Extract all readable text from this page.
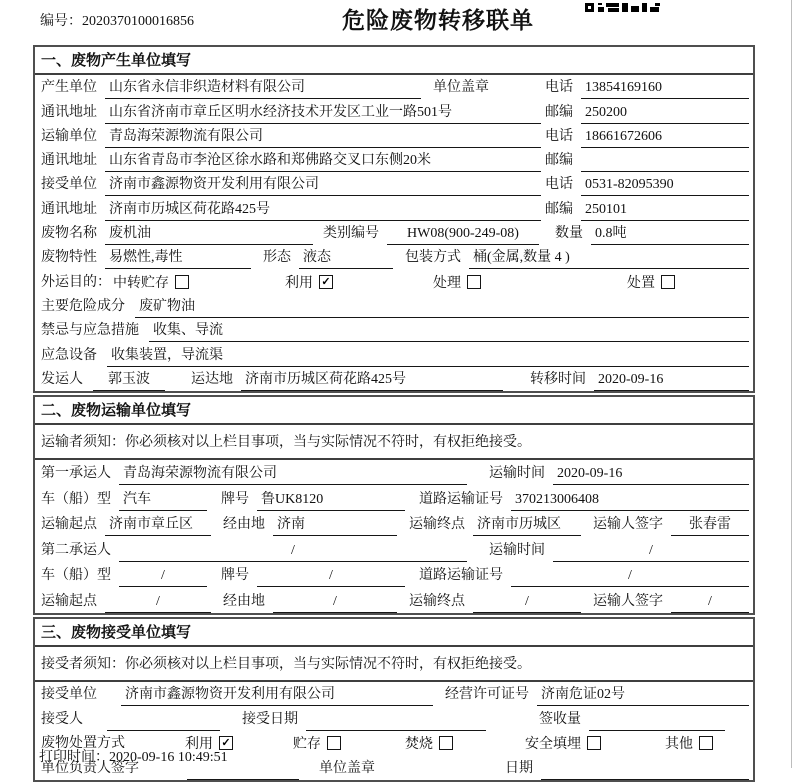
编号：2020370100016856	危险废物转移联单
一、废物产生单位填写
产生单位 山东省永信非织造材料有限公司	单位盖章	电话 13854169160
通讯地址 山东省济南市章丘区明水经济技术开发区工业一路501号	邮编 250200
运输单位 青岛海荣源物流有限公司	电话 18661672606
通讯地址 山东省青岛市李沧区徐水路和郑佛路交叉口东侧20米	邮编
接受单位 济南市鑫源物资开发利用有限公司	电话 0531-82095390
通讯地址 济南市历城区荷花路425号	邮编 250101
废物名称 废机油	类别编号	HW08(900-249-08)	数量 0.8吨
废物特性 易燃性,毒性	形态 液态	包装方式 桶(金属,数量 4 )
外运目的： 中转贮存	利用 ✓	处理	处置
主要危险成分 废矿物油
禁忌与应急措施 收集、导流
应急设备 收集装置，导流渠
发运人	郭玉波	运达地 济南市历城区荷花路425号	转移时间 2020-09-16
二、废物运输单位填写
运输者须知：你必须核对以上栏目事项，当与实际情况不符时，有权拒绝接受。
第一承运人 青岛海荣源物流有限公司	运输时间 2020-09-16
车（船）型 汽车	牌号 鲁UK8120	道路运输证号 370213006408
运输起点 济南市章丘区	经由地 济南	运输终点 济南市历城区	运输人签字	张春雷
第二承运人	/	运输时间	/
车（船）型	/	牌号	/	道路运输证号	/
运输起点	/	经由地	/	运输终点	/	运输人签字	/
三、废物接受单位填写
接受者须知：你必须核对以上栏目事项，当与实际情况不符时，有权拒绝接受。
接受单位 济南市鑫源物资开发利用有限公司	经营许可证号 济南危证02号
接受人	接受日期	签收量
废物处置方式	利用 ✓	贮存	焚烧	安全填埋	其他
单位负责人签字	单位盖章	日期
打印时间：2020-09-16 10:49:51
